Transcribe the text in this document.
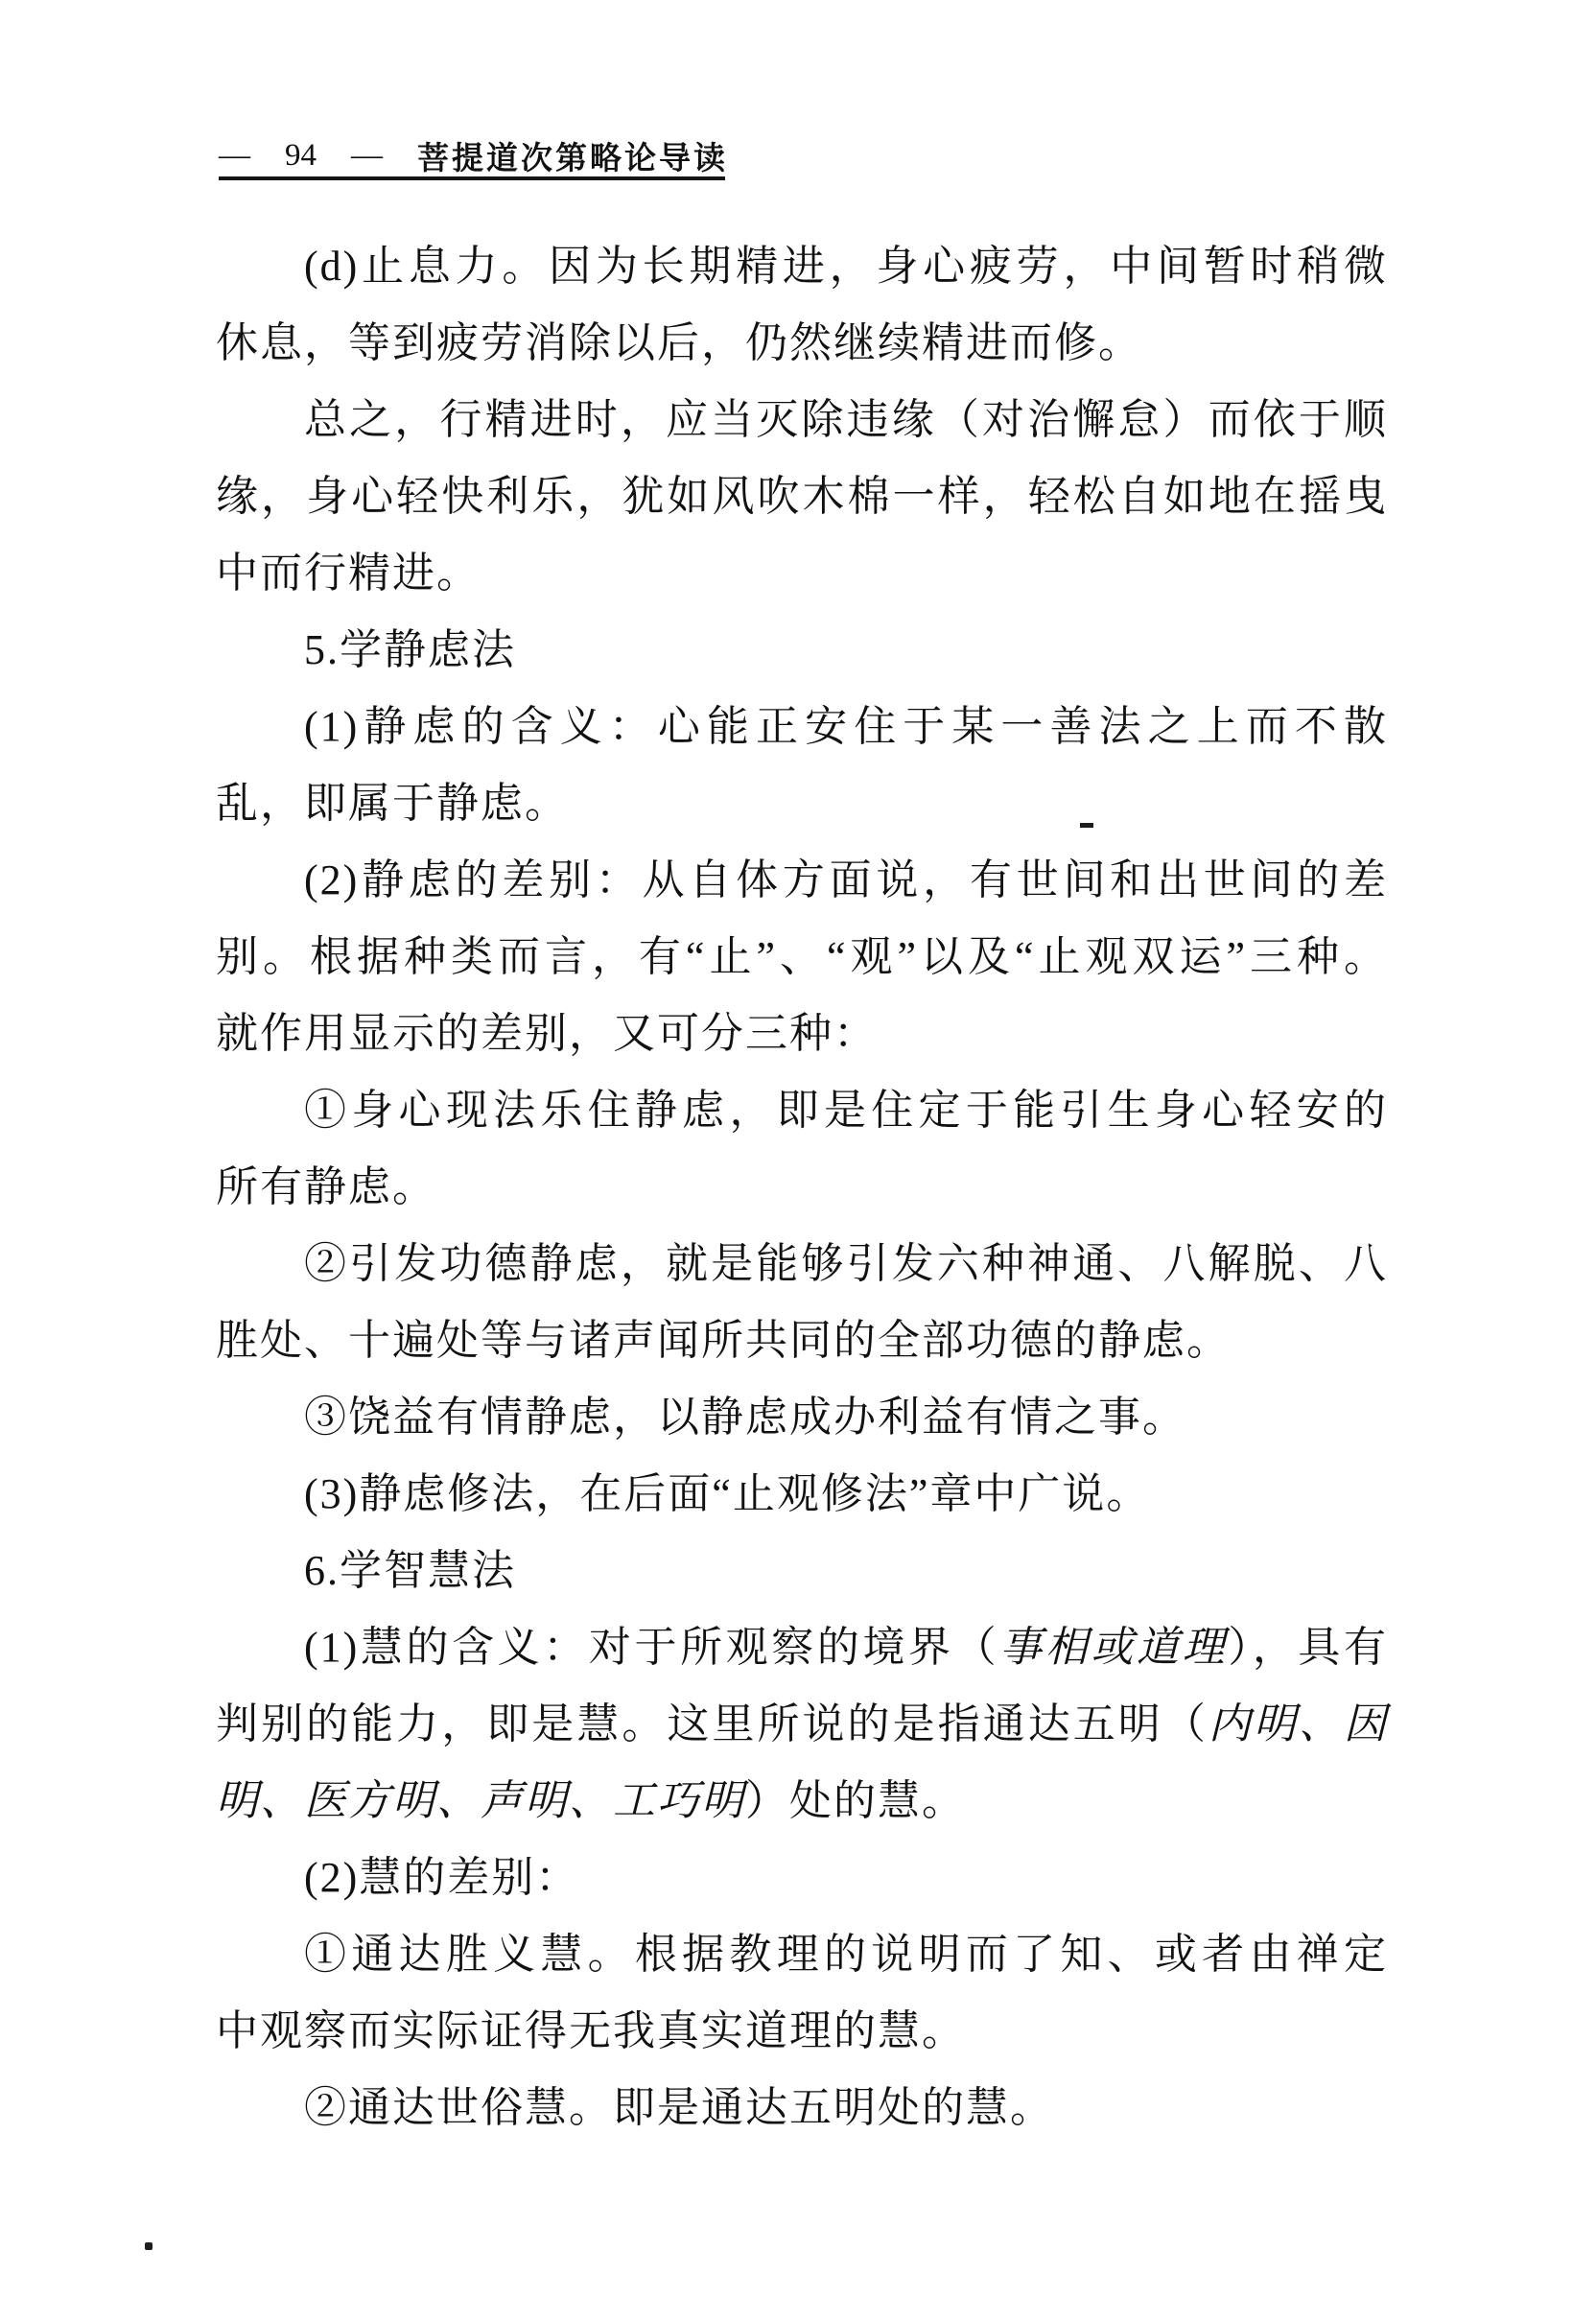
— 94 — 菩提道次第略论导读
(d)止息力。因为长期精进，身心疲劳，中间暂时稍微
休息，等到疲劳消除以后，仍然继续精进而修。
总之，行精进时，应当灭除违缘（对治懈怠）而依于顺
缘，身心轻快利乐，犹如风吹木棉一样，轻松自如地在摇曳
中而行精进。
5.学静虑法
(1)静虑的含义：心能正安住于某一善法之上而不散
乱，即属于静虑。
(2)静虑的差别：从自体方面说，有世间和出世间的差
别。根据种类而言，有“止”、“观”以及“止观双运”三种。
就作用显示的差别，又可分三种：
①身心现法乐住静虑，即是住定于能引生身心轻安的
所有静虑。
②引发功德静虑，就是能够引发六种神通、八解脱、八
胜处、十遍处等与诸声闻所共同的全部功德的静虑。
③饶益有情静虑，以静虑成办利益有情之事。
(3)静虑修法，在后面“止观修法”章中广说。
6.学智慧法
(1)慧的含义：对于所观察的境界（事相或道理），具有
判别的能力，即是慧。这里所说的是指通达五明（内明、因
明、医方明、声明、工巧明）处的慧。
(2)慧的差别：
①通达胜义慧。根据教理的说明而了知、或者由禅定
中观察而实际证得无我真实道理的慧。
②通达世俗慧。即是通达五明处的慧。
